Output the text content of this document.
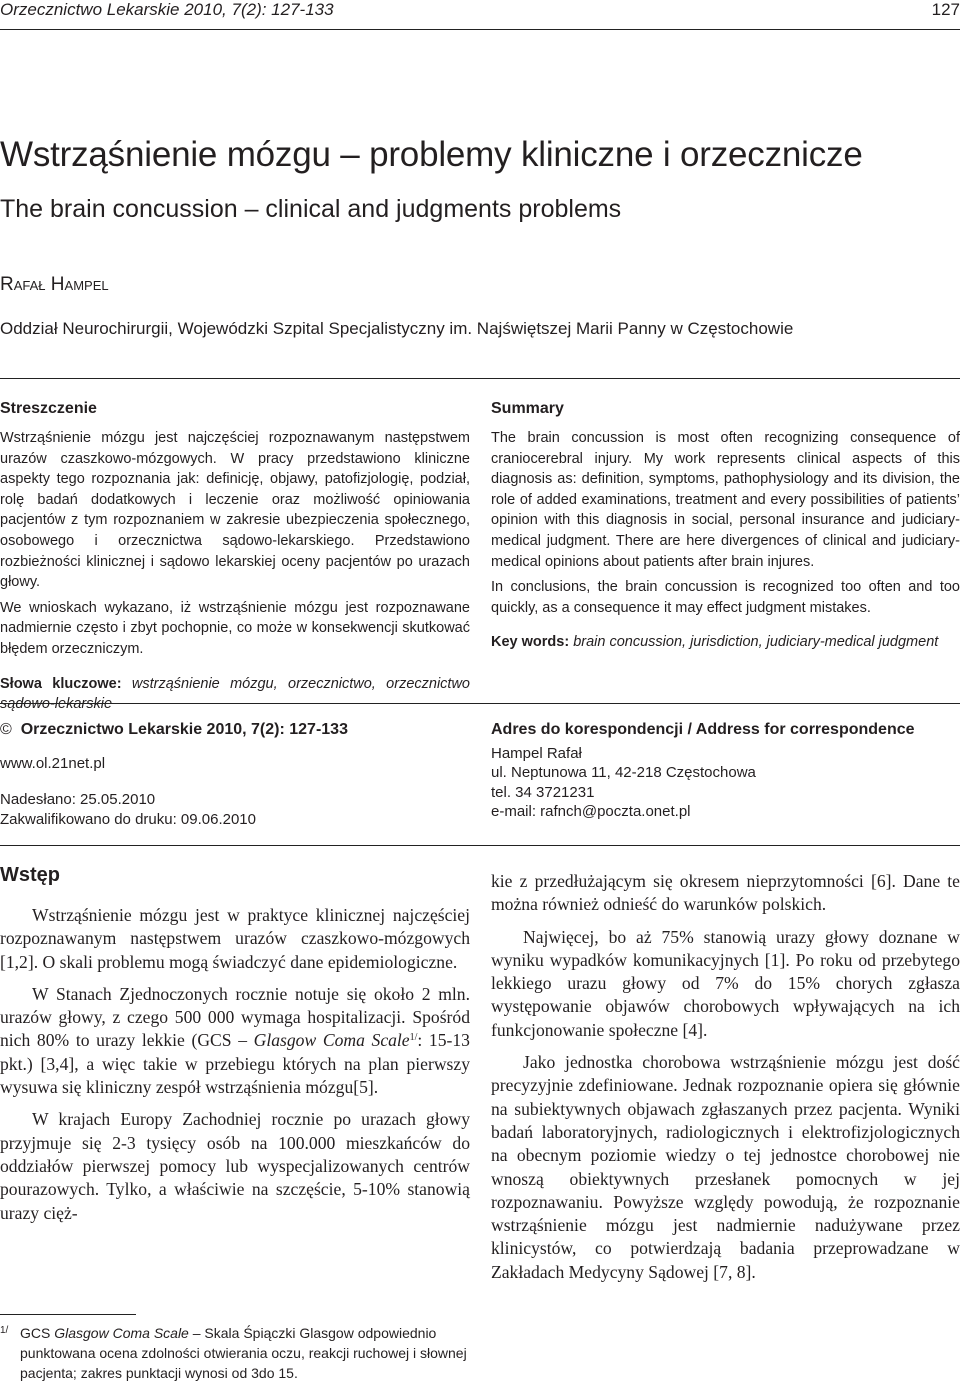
Orzecznictwo Lekarskie 2010, 7(2): 127-133	127
Wstrząśnienie mózgu – problemy kliniczne i orzecznicze
The brain concussion – clinical and judgments problems
Rafał Hampel
Oddział Neurochirurgii, Wojewódzki Szpital Specjalistyczny im. Najświętszej Marii Panny w Częstochowie
Streszczenie	Summary

Wstrząśnienie mózgu jest najczęściej rozpoznawanym następstwem urazów czaszkowo-mózgowych. W pracy przedstawiono kliniczne aspekty tego rozpoznania jak: definicję, objawy, patofizjologię, podział, rolę badań dodatkowych i leczenie oraz możliwość opiniowania pacjentów z tym rozpoznaniem w zakresie ubezpieczenia społecznego, osobowego i orzecznictwa sądowo-lekarskiego. Przedstawiono rozbieżności klinicznej i sądowo lekarskiej oceny pacjentów po urazach głowy.

We wnioskach wykazano, iż wstrząśnienie mózgu jest rozpoznawane nadmiernie często i zbyt pochopnie, co może w konsekwencji skutkować błędem orzeczniczym.

Słowa kluczowe: wstrząśnienie mózgu, orzecznictwo, orzecznictwo sądowo-lekarskie

The brain concussion is most often recognizing consequence of craniocerebral injury. My work represents clinical aspects of this diagnosis as: definition, symptoms, pathophysiology and its division, the role of added examinations, treatment and every possibilities of patients’ opinion with this diagnosis in social, personal insurance and judiciary-medical judgment. There are here divergences of clinical and judiciary-medical opinions about patients after brain injures.

In conclusions, the brain concussion is recognized too often and too quickly, as a consequence it may effect judgment mistakes.

Key words: brain concussion, jurisdiction, judiciary-medical judgment

© Orzecznictwo Lekarskie 2010, 7(2): 127-133
www.ol.21net.pl
Nadesłano: 25.05.2010
Zakwalifikowano do druku: 09.06.2010
Adres do korespondencji / Address for correspondence
Hampel Rafał
ul. Neptunowa 11, 42-218 Częstochowa
tel. 34 3721231
e-mail: rafnch@poczta.onet.pl
Wstęp

Wstrząśnienie mózgu jest w praktyce klinicznej najczęściej rozpoznawanym następstwem urazów czaszkowo-mózgowych [1,2]. O skali problemu mogą świadczyć dane epidemiologiczne.

W Stanach Zjednoczonych rocznie notuje się około 2 mln. urazów głowy, z czego 500 000 wymaga hospitalizacji. Spośród nich 80% to urazy lekkie (GCS – Glasgow Coma Scale$^{1/}$: 15-13 pkt.) [3,4], a więc takie w przebiegu których na plan pierwszy wysuwa się kliniczny zespół wstrząśnienia mózgu[5].

W krajach Europy Zachodniej rocznie po urazach głowy przyjmuje się 2-3 tysięcy osób na 100.000 mieszkańców do oddziałów pierwszej pomocy lub wyspecjalizowanych centrów pourazowych. Tylko, a właściwie na szczęście, 5-10% stanowią urazy cięż-

kie z przedłużającym się okresem nieprzytomności [6]. Dane te można również odnieść do warunków polskich.

Najwięcej, bo aż 75% stanowią urazy głowy doznane w wyniku wypadków komunikacyjnych [1]. Po roku od przebytego lekkiego urazu głowy od 7% do 15% chorych zgłasza występowanie objawów chorobowych wpływających na ich funkcjonowanie społeczne [4].

Jako jednostka chorobowa wstrząśnienie mózgu jest dość precyzyjnie zdefiniowane. Jednak rozpoznanie opiera się głównie na subiektywnych objawach zgłaszanych przez pacjenta. Wyniki badań laboratoryjnych, radiologicznych i elektrofizjologicznych na obecnym poziomie wiedzy o tej jednostce chorobowej nie wnoszą obiektywnych przesłanek pomocnych w jej rozpoznawaniu. Powyższe względy powodują, że rozpoznanie wstrząśnienie mózgu jest nadmiernie nadużywane przez klinicystów, co potwierdzają badania przeprowadzane w Zakładach Medycyny Sądowej [7, 8].

1/ GCS Glasgow Coma Scale – Skala Śpiączki Glasgow odpowiednio punktowana ocena zdolności otwierania oczu, reakcji ruchowej i słownej pacjenta; zakres punktacji wynosi od 3do 15.
